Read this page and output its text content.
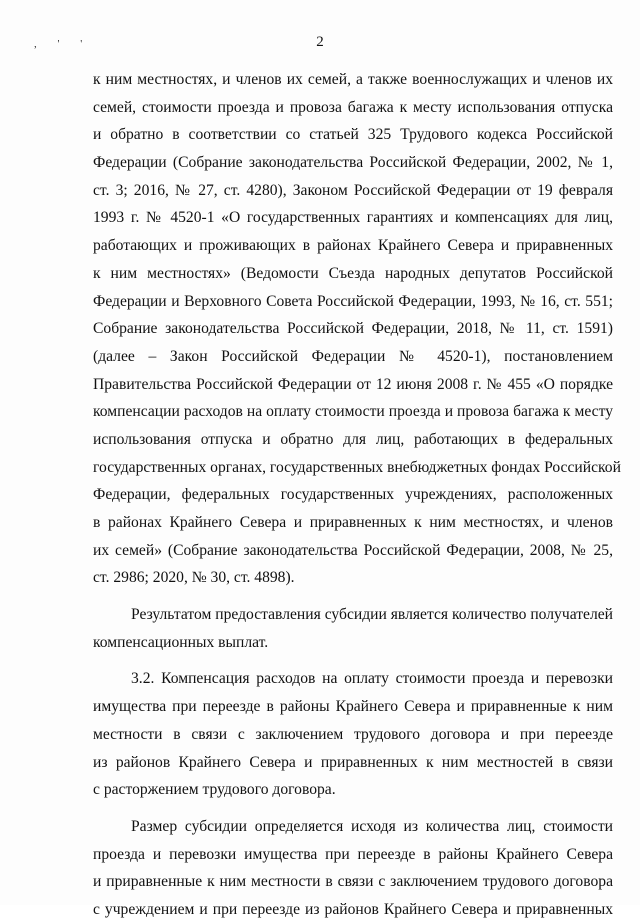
, ' '	2
к ним местностях, и членов их семей, а также военнослужащих и членов их
семей, стоимости проезда и провоза багажа к месту использования отпуска
и обратно в соответствии со статьей 325 Трудового кодекса Российской
Федерации (Собрание законодательства Российской Федерации, 2002, № 1,
ст. 3; 2016, № 27, ст. 4280), Законом Российской Федерации от 19 февраля
1993 г. № 4520-1 «О государственных гарантиях и компенсациях для лиц,
работающих и проживающих в районах Крайнего Севера и приравненных
к ним местностях» (Ведомости Съезда народных депутатов Российской
Федерации и Верховного Совета Российской Федерации, 1993, № 16, ст. 551;
Собрание законодательства Российской Федерации, 2018, № 11, ст. 1591)
(далее – Закон Российской Федерации № 4520-1), постановлением
Правительства Российской Федерации от 12 июня 2008 г. № 455 «О порядке
компенсации расходов на оплату стоимости проезда и провоза багажа к месту
использования отпуска и обратно для лиц, работающих в федеральных
государственных органах, государственных внебюджетных фондах Российской
Федерации, федеральных государственных учреждениях, расположенных
в районах Крайнего Севера и приравненных к ним местностях, и членов
их семей» (Собрание законодательства Российской Федерации, 2008, № 25,
ст. 2986; 2020, № 30, ст. 4898).
Результатом предоставления субсидии является количество получателей
компенсационных выплат.
3.2. Компенсация расходов на оплату стоимости проезда и перевозки
имущества при переезде в районы Крайнего Севера и приравненные к ним
местности в связи с заключением трудового договора и при переезде
из районов Крайнего Севера и приравненных к ним местностей в связи
с расторжением трудового договора.
Размер субсидии определяется исходя из количества лиц, стоимости
проезда и перевозки имущества при переезде в районы Крайнего Севера
и приравненные к ним местности в связи с заключением трудового договора
с учреждением и при переезде из районов Крайнего Севера и приравненных
